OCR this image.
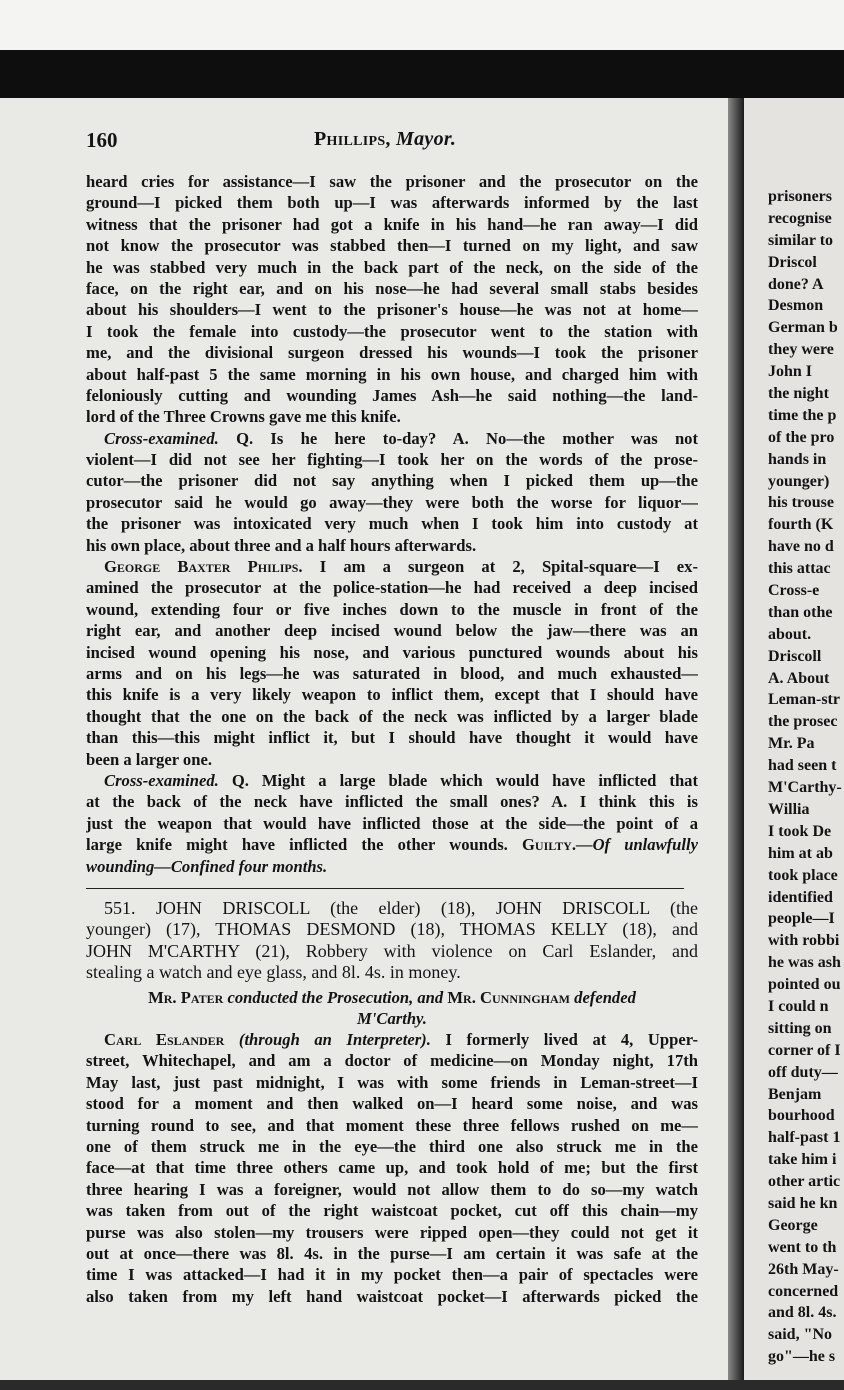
prisoners
recognise
similar to
Driscol
done? A
Desmon
German b
they were
John I
the night
time the p
of the pro
hands in
younger)
his trouse
fourth (K
have no d
this attac
Cross-e
than othe
about.
Driscoll
A. About
Leman-str
the prosec
Mr. Pa
had seen t
M'Carthy-
Willia
I took De
him at ab
took place
identified
people—I
with robbi
he was ash
pointed ou
I could n
sitting on
corner of I
off duty—
Benjam
bourhood
half-past 1
take him i
other artic
said he kn
George
went to th
26th May-
concerned
and 8l. 4s.
said, "No
go"—he s
160	Phillips, Mayor.
heard cries for assistance—I saw the prisoner and the prosecutor on the
ground—I picked them both up—I was afterwards informed by the last
witness that the prisoner had got a knife in his hand—he ran away—I did
not know the prosecutor was stabbed then—I turned on my light, and saw
he was stabbed very much in the back part of the neck, on the side of the
face, on the right ear, and on his nose—he had several small stabs besides
about his shoulders—I went to the prisoner's house—he was not at home—
I took the female into custody—the prosecutor went to the station with
me, and the divisional surgeon dressed his wounds—I took the prisoner
about half-past 5 the same morning in his own house, and charged him with
feloniously cutting and wounding James Ash—he said nothing—the land-
lord of the Three Crowns gave me this knife.
Cross-examined. Q. Is he here to-day? A. No—the mother was not
violent—I did not see her fighting—I took her on the words of the prose-
cutor—the prisoner did not say anything when I picked them up—the
prosecutor said he would go away—they were both the worse for liquor—
the prisoner was intoxicated very much when I took him into custody at
his own place, about three and a half hours afterwards.
George Baxter Philips. I am a surgeon at 2, Spital-square—I ex-
amined the prosecutor at the police-station—he had received a deep incised
wound, extending four or five inches down to the muscle in front of the
right ear, and another deep incised wound below the jaw—there was an
incised wound opening his nose, and various punctured wounds about his
arms and on his legs—he was saturated in blood, and much exhausted—
this knife is a very likely weapon to inflict them, except that I should have
thought that the one on the back of the neck was inflicted by a larger blade
than this—this might inflict it, but I should have thought it would have
been a larger one.
Cross-examined. Q. Might a large blade which would have inflicted that
at the back of the neck have inflicted the small ones? A. I think this is
just the weapon that would have inflicted those at the side—the point of a
large knife might have inflicted the other wounds. Guilty.—Of unlawfully
wounding—Confined four months.
551. JOHN DRISCOLL (the elder) (18), JOHN DRISCOLL (the
younger) (17), THOMAS DESMOND (18), THOMAS KELLY (18), and
JOHN M'CARTHY (21), Robbery with violence on Carl Eslander, and
stealing a watch and eye glass, and 8l. 4s. in money.
Mr. Pater conducted the Prosecution, and Mr. Cunningham defended
M'Carthy.
Carl Eslander (through an Interpreter). I formerly lived at 4, Upper-
street, Whitechapel, and am a doctor of medicine—on Monday night, 17th
May last, just past midnight, I was with some friends in Leman-street—I
stood for a moment and then walked on—I heard some noise, and was
turning round to see, and that moment these three fellows rushed on me—
one of them struck me in the eye—the third one also struck me in the
face—at that time three others came up, and took hold of me; but the first
three hearing I was a foreigner, would not allow them to do so—my watch
was taken from out of the right waistcoat pocket, cut off this chain—my
purse was also stolen—my trousers were ripped open—they could not get it
out at once—there was 8l. 4s. in the purse—I am certain it was safe at the
time I was attacked—I had it in my pocket then—a pair of spectacles were
also taken from my left hand waistcoat pocket—I afterwards picked the
